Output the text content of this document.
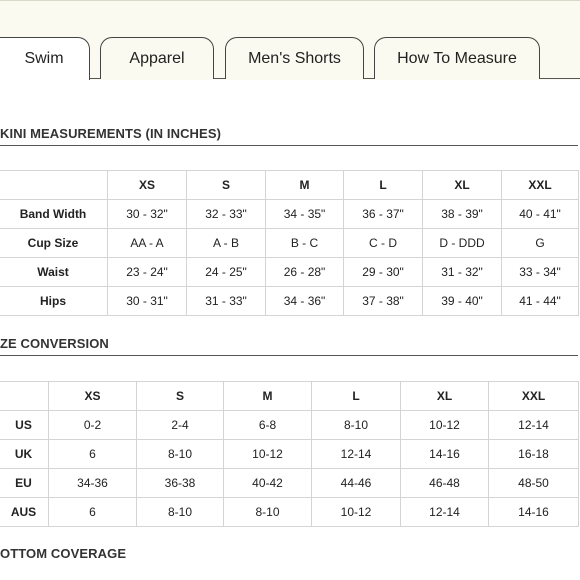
Swim	Apparel	Men's Shorts	How To Measure
KINI MEASUREMENTS (IN INCHES)
	XS	S	M	L	XL	XXL
Band Width	30 - 32"	32 - 33"	34 - 35"	36 - 37"	38 - 39"	40 - 41"
Cup Size	AA - A	A - B	B - C	C - D	D - DDD	G
Waist	23 - 24"	24 - 25"	26 - 28"	29 - 30"	31 - 32"	33 - 34"
Hips	30 - 31"	31 - 33"	34 - 36"	37 - 38"	39 - 40"	41 - 44"
ZE CONVERSION
	XS	S	M	L	XL	XXL
US	0-2	2-4	6-8	8-10	10-12	12-14
UK	6	8-10	10-12	12-14	14-16	16-18
EU	34-36	36-38	40-42	44-46	46-48	48-50
AUS	6	8-10	8-10	10-12	12-14	14-16
OTTOM COVERAGE
